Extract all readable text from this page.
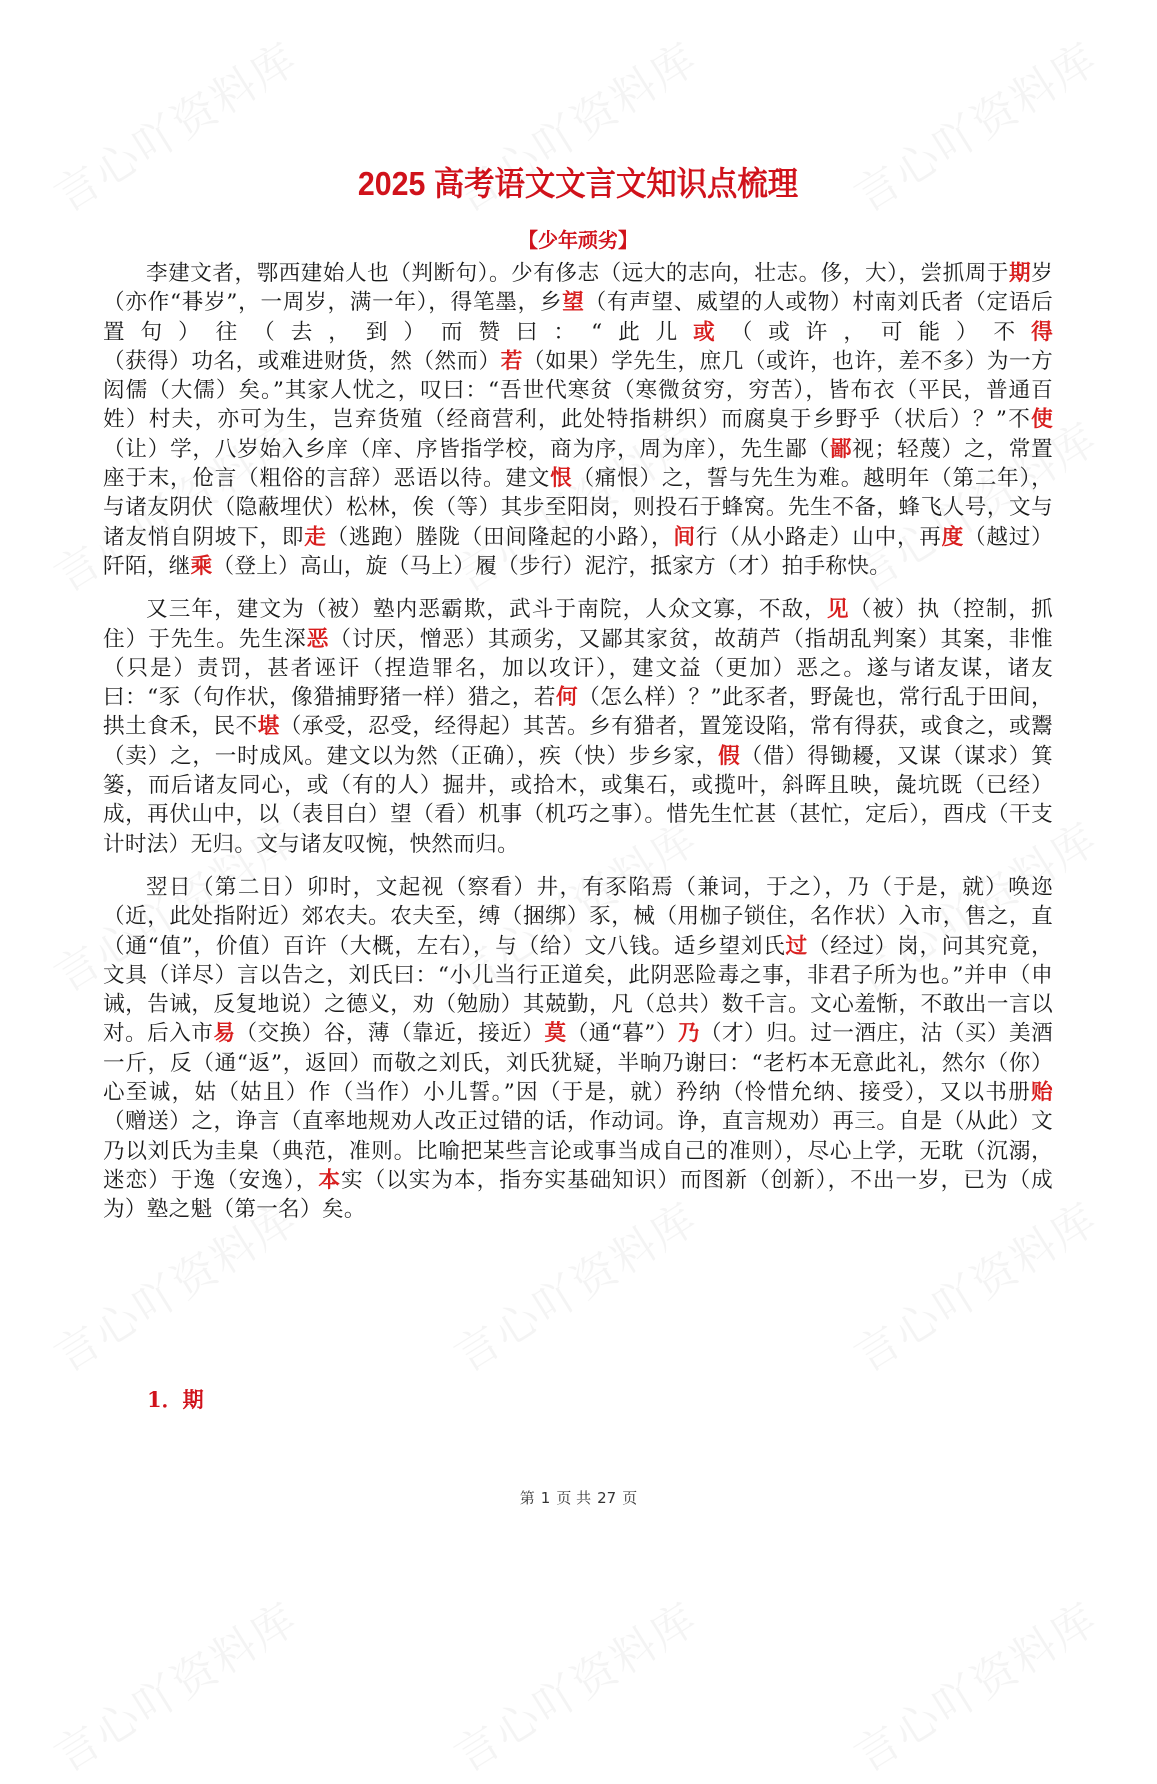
2025 高考语文文言文知识点梳理
【少年顽劣】

李建文者，鄂西建始人也（判断句）。少有侈志（远大的志向，壮志。侈，大），尝抓周于期岁（亦作“朞岁”，一周岁，满一年），得笔墨，乡望（有声望、威望的人或物）村南刘氏者（定语后置句）往（去，到）而赞曰：“此儿或（或许，可能）不得（获得）功名，或难进财货，然（然而）若（如果）学先生，庶几（或许，也许，差不多）为一方闳儒（大儒）矣。”其家人忧之，叹曰：“吾世代寒贫（寒微贫穷，穷苦），皆布衣（平民，普通百姓）村夫，亦可为生，岂弃货殖（经商营利，此处特指耕织）而腐臭于乡野乎（状后）？”不使（让）学，八岁始入乡庠（庠、序皆指学校，商为序，周为庠），先生鄙（鄙视；轻蔑）之，常置座于末，伧言（粗俗的言辞）恶语以待。建文恨（痛恨）之，誓与先生为难。越明年（第二年），与诸友阴伏（隐蔽埋伏）松林，俟（等）其步至阳岗，则投石于蜂窝。先生不备，蜂飞人号，文与诸友悄自阴坡下，即走（逃跑）塍陇（田间隆起的小路），间行（从小路走）山中，再度（越过）阡陌，继乘（登上）高山，旋（马上）履（步行）泥泞，抵家方（才）拍手称快。

又三年，建文为（被）塾内恶霸欺，武斗于南院，人众文寡，不敌，见（被）执（控制，抓住）于先生。先生深恶（讨厌，憎恶）其顽劣，又鄙其家贫，故葫芦（指胡乱判案）其案，非惟（只是）责罚，甚者诬讦（捏造罪名，加以攻讦），建文益（更加）恶之。遂与诸友谋，诸友曰：“豕（句作状，像猎捕野猪一样）猎之，若何（怎么样）？”此豕者，野彘也，常行乱于田间，拱土食禾，民不堪（承受，忍受，经得起）其苦。乡有猎者，置笼设陷，常有得获，或食之，或鬻（卖）之，一时成风。建文以为然（正确），疾（快）步乡家，假（借）得锄耰，又谋（谋求）箕篓，而后诸友同心，或（有的人）掘井，或拾木，或集石，或揽叶，斜晖且映，彘坑既（已经）成，再伏山中，以（表目白）望（看）机事（机巧之事）。惜先生忙甚（甚忙，定后），酉戌（干支计时法）无归。文与诸友叹惋，怏然而归。

翌日（第二日）卯时，文起视（察看）井，有豕陷焉（兼词，于之），乃（于是，就）唤迩（近，此处指附近）郊农夫。农夫至，缚（捆绑）豕，械（用枷子锁住，名作状）入市，售之，直（通“值”，价值）百许（大概，左右），与（给）文八钱。适乡望刘氏过（经过）岗，问其究竟，文具（详尽）言以告之，刘氏曰：“小儿当行正道矣，此阴恶险毒之事，非君子所为也。”并申（申诫，告诫，反复地说）之德义，劝（勉励）其兢勤，凡（总共）数千言。文心羞惭，不敢出一言以对。后入市易（交换）谷，薄（靠近，接近）莫（通“暮”）乃（才）归。过一酒庄，沽（买）美酒一斤，反（通“返”，返回）而敬之刘氏，刘氏犹疑，半晌乃谢曰：“老朽本无意此礼，然尔（你）心至诚，姑（姑且）作（当作）小儿誓。”因（于是，就）矜纳（怜惜允纳、接受），又以书册贻（赠送）之，诤言（直率地规劝人改正过错的话，作动词。诤，直言规劝）再三。自是（从此）文乃以刘氏为圭臬（典范，准则。比喻把某些言论或事当成自己的准则），尽心上学，无耽（沉溺，迷恋）于逸（安逸），本实（以实为本，指夯实基础知识）而图新（创新），不出一岁，已为（成为）塾之魁（第一名）矣。

1．期
第 1 页 共 27 页
